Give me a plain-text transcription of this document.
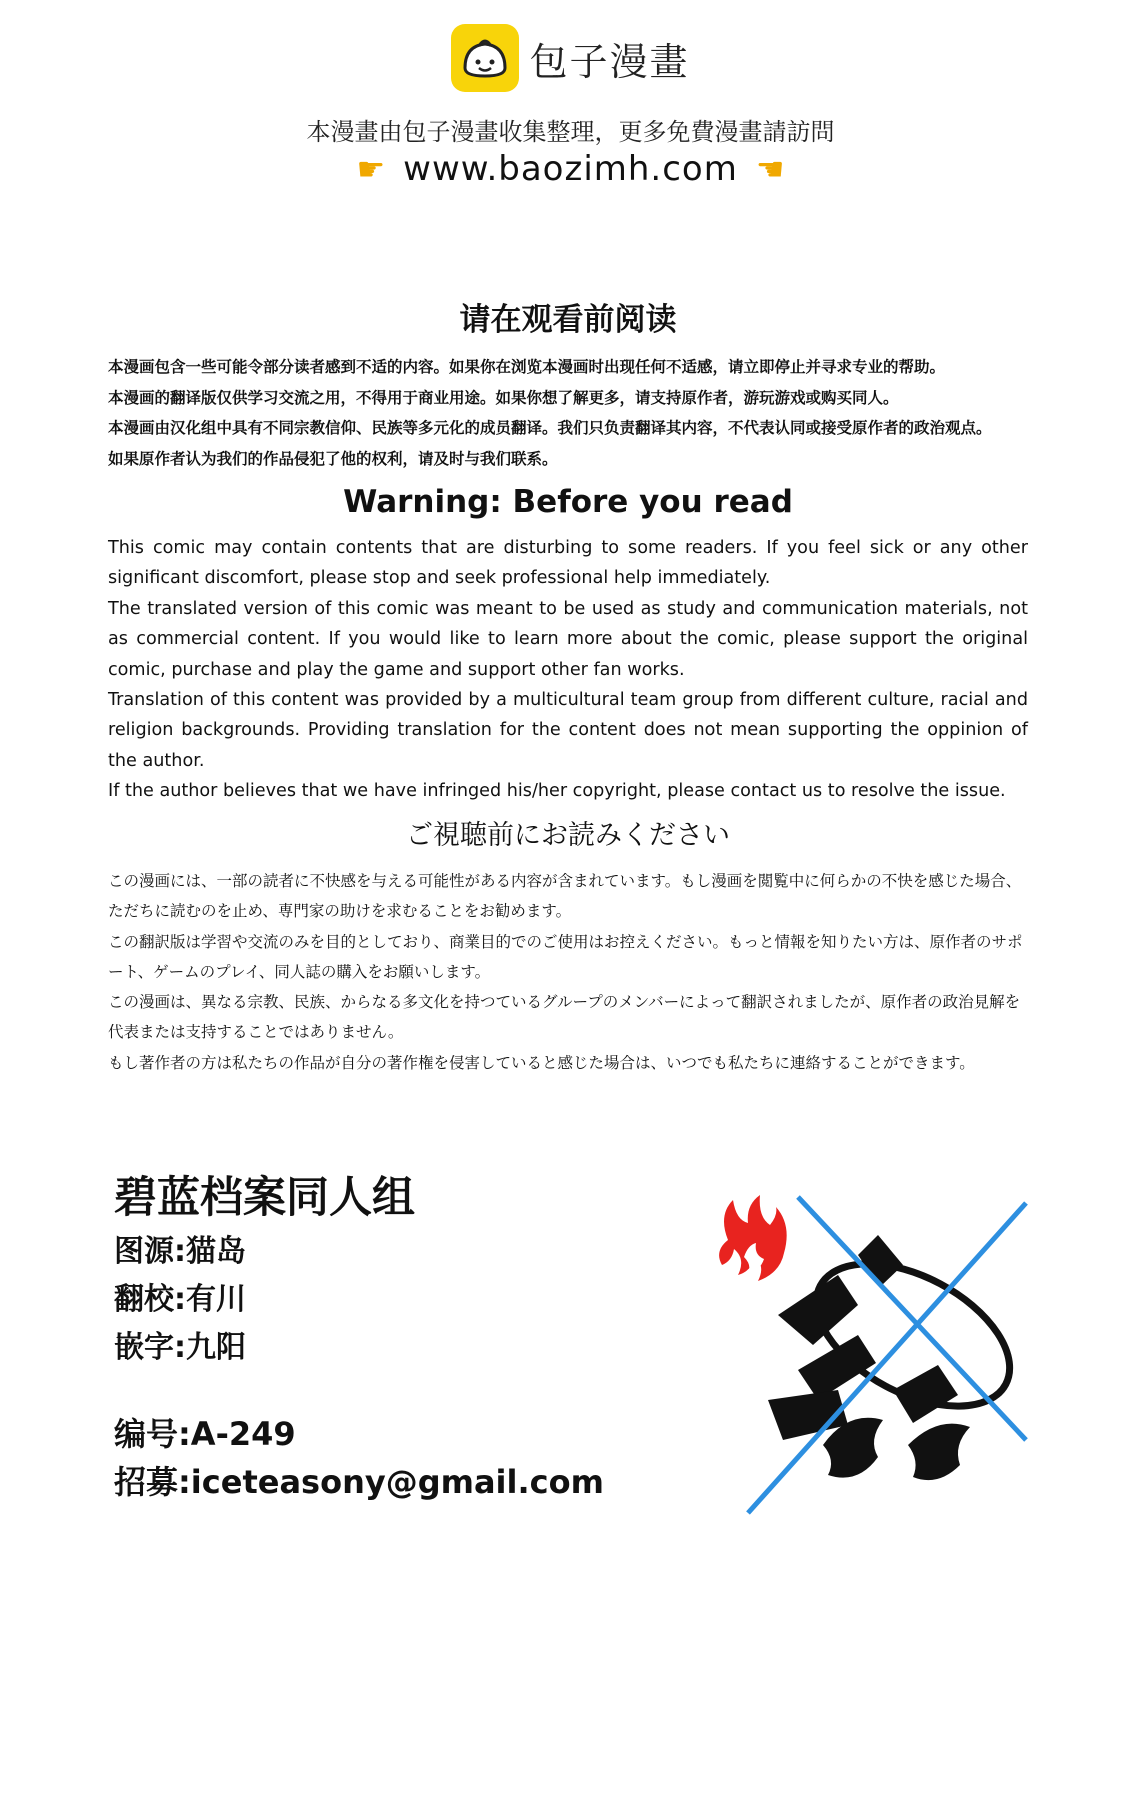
包子漫畫
本漫畫由包子漫畫收集整理，更多免費漫畫請訪問
☛ www.baozimh.com ☚
请在观看前阅读

本漫画包含一些可能令部分读者感到不适的内容。如果你在浏览本漫画时出现任何不适感，请立即停止并寻求专业的帮助。

本漫画的翻译版仅供学习交流之用，不得用于商业用途。如果你想了解更多，请支持原作者，游玩游戏或购买同人。

本漫画由汉化组中具有不同宗教信仰、民族等多元化的成员翻译。我们只负责翻译其内容，不代表认同或接受原作者的政治观点。

如果原作者认为我们的作品侵犯了他的权利，请及时与我们联系。

Warning: Before you read

This comic may contain contents that are disturbing to some readers. If you feel sick or any other significant discomfort, please stop and seek professional help immediately.

The translated version of this comic was meant to be used as study and communication materials, not as commercial content. If you would like to learn more about the comic, please support the original comic, purchase and play the game and support other fan works.

Translation of this content was provided by a multicultural team group from different culture, racial and religion backgrounds. Providing translation for the content does not mean supporting the oppinion of the author.

If the author believes that we have infringed his/her copyright, please contact us to resolve the issue.

ご視聴前にお読みください

この漫画には、一部の読者に不快感を与える可能性がある内容が含まれています。もし漫画を閲覧中に何らかの不快を感じた場合、ただちに読むのを止め、専門家の助けを求むることをお勧めます。

この翻訳版は学習や交流のみを目的としており、商業目的でのご使用はお控えください。もっと情報を知りたい方は、原作者のサポート、ゲームのプレイ、同人誌の購入をお願いします。

この漫画は、異なる宗教、民族、からなる多文化を持つているグループのメンバーによって翻訳されましたが、原作者の政治見解を代表または支持することではありません。

もし著作者の方は私たちの作品が自分の著作権を侵害していると感じた場合は、いつでも私たちに連絡することができます。

碧蓝档案同人组
图源:猫岛
翻校:有川
嵌字:九阳
编号:A-249
招募:iceteasony@gmail.com
